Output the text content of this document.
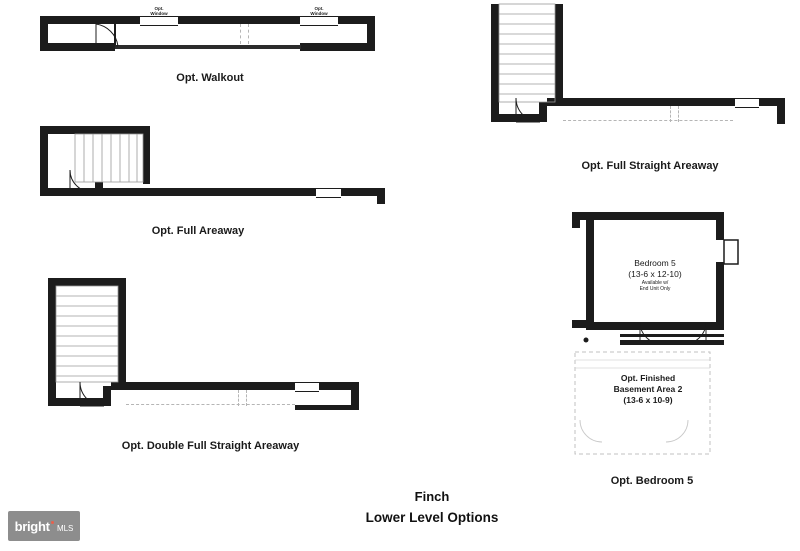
Opt.
Window
Opt.
Window
Opt. Walkout
Opt. Full Areaway
Opt. Double Full Straight Areaway
Opt. Full Straight Areaway
Bedroom 5
(13-6 x 12-10)
Available w/
End Unit Only
Opt. Finished
Basement Area 2
(13-6 x 10-9)
Opt. Bedroom 5
Finch
Lower Level Options
bright MLS
